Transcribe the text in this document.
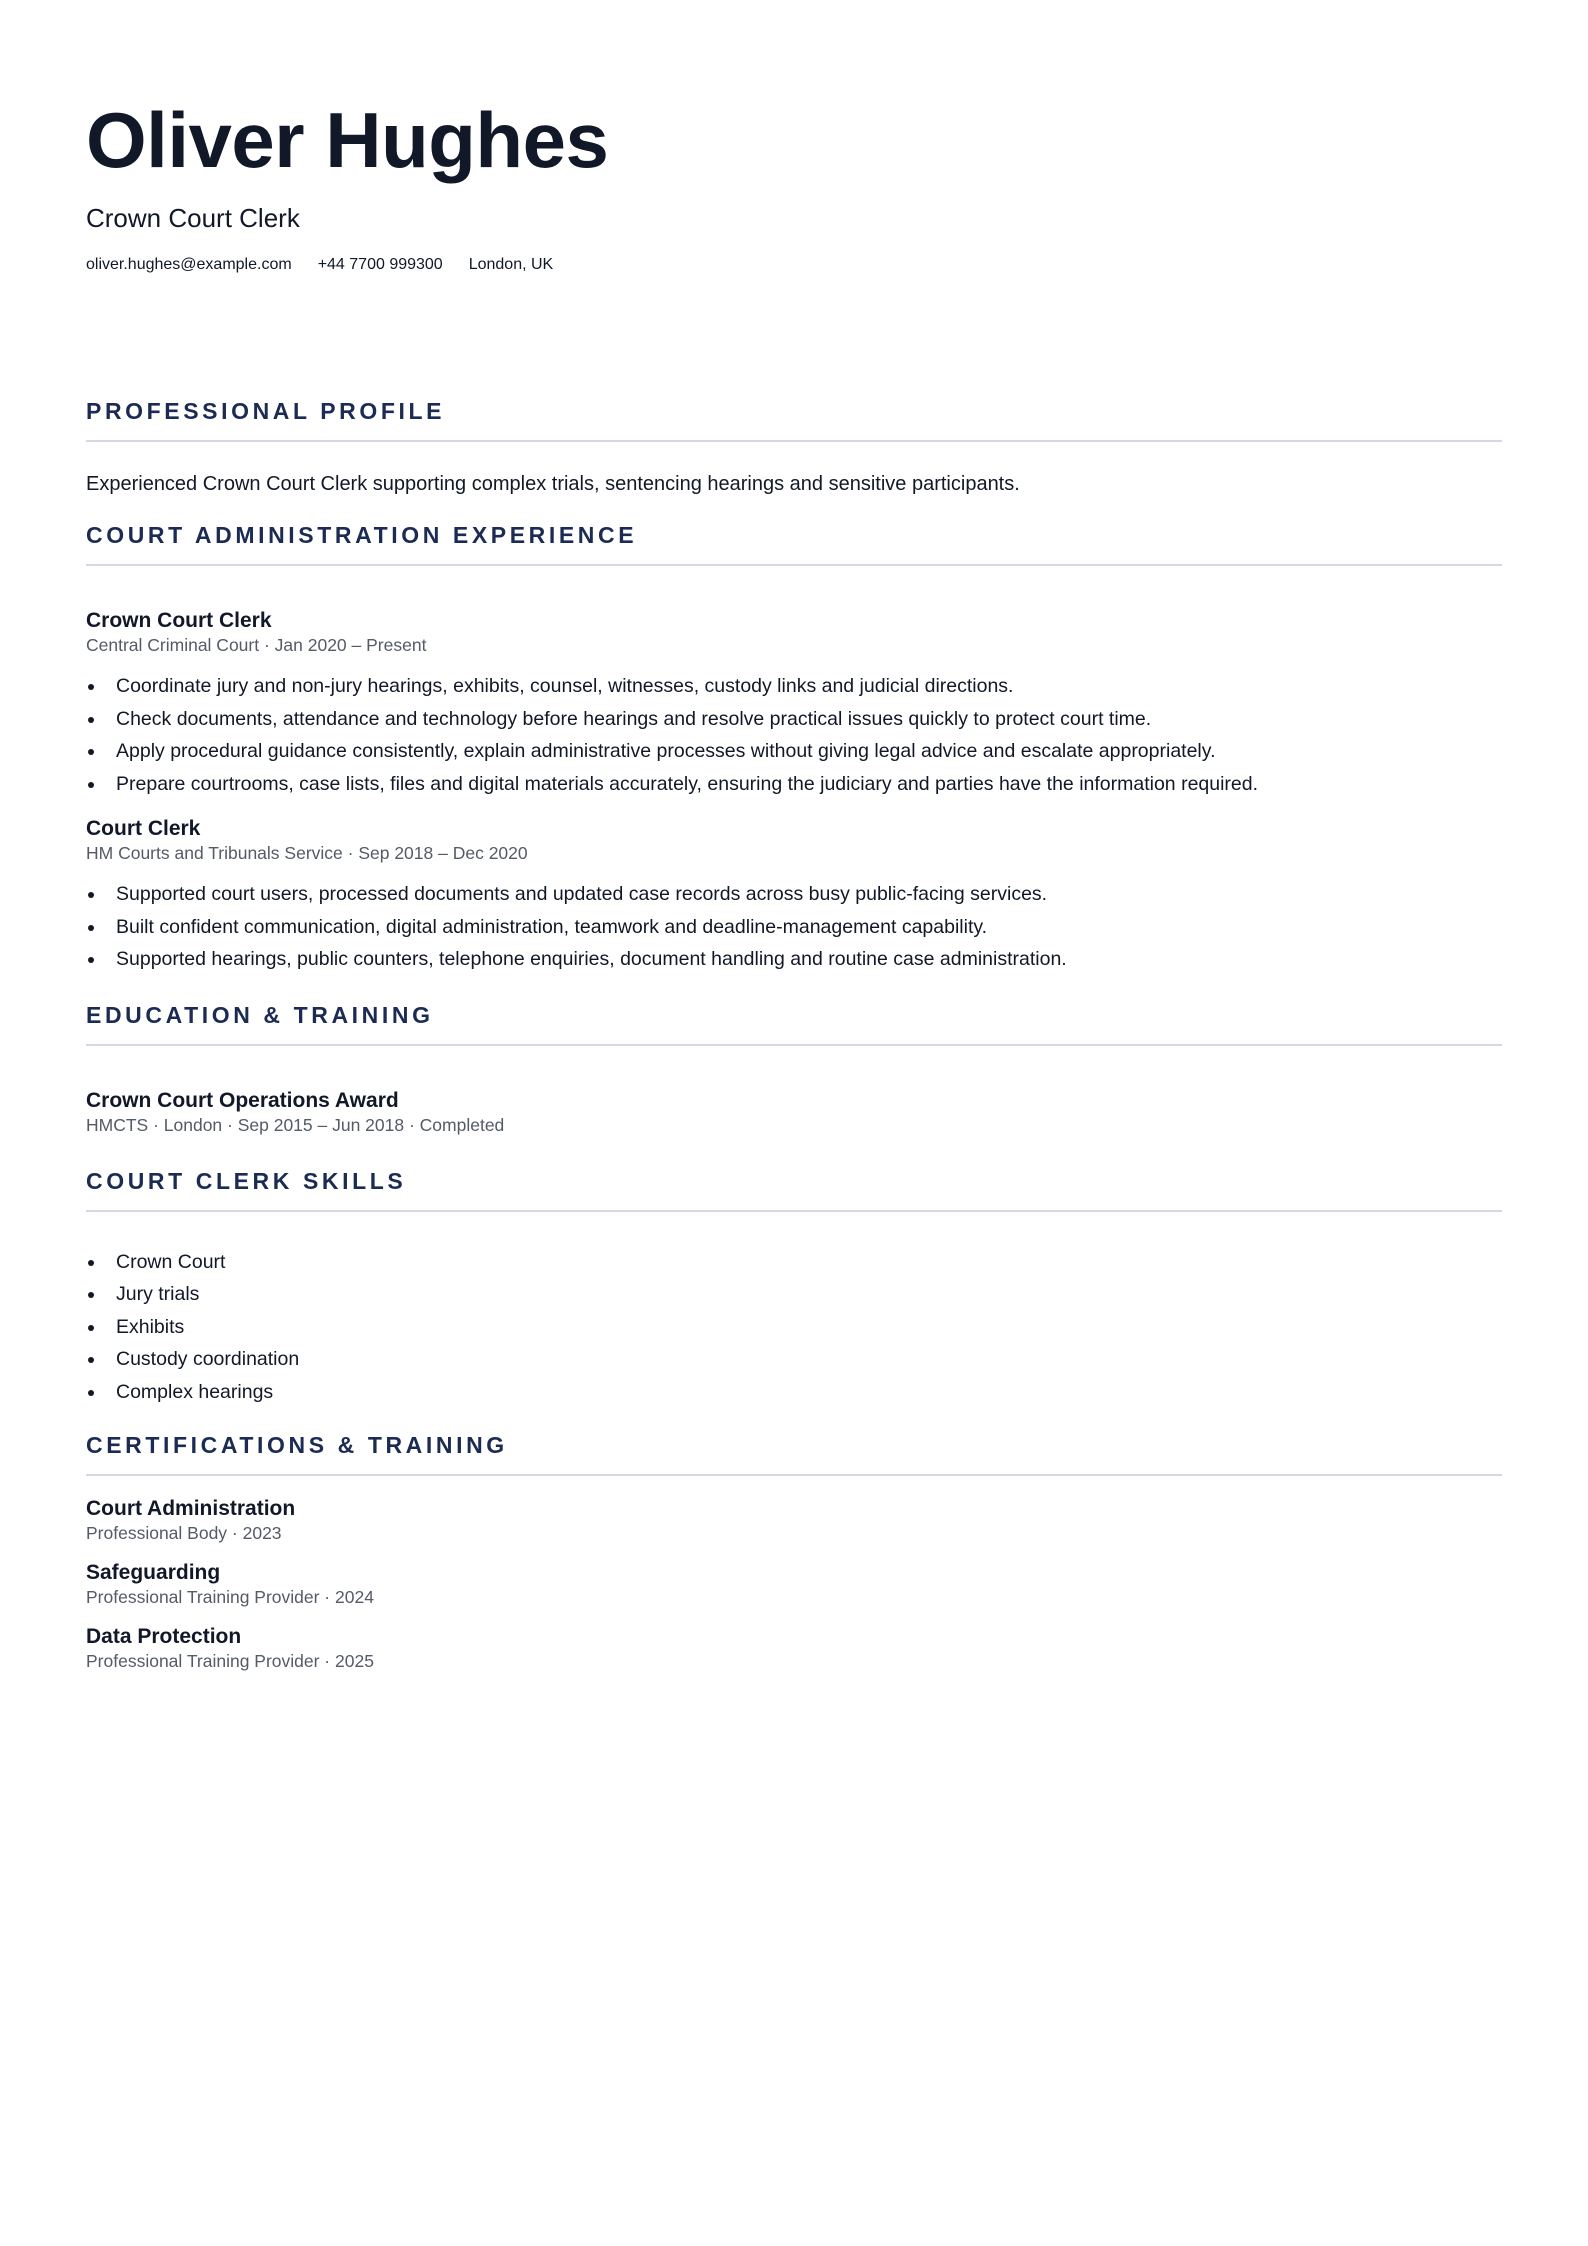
Oliver Hughes
Crown Court Clerk
oliver.hughes@example.com +44 7700 999300 London, UK
PROFESSIONAL PROFILE
Experienced Crown Court Clerk supporting complex trials, sentencing hearings and sensitive participants.
COURT ADMINISTRATION EXPERIENCE
Crown Court Clerk
Central Criminal Court · Jan 2020 – Present
Coordinate jury and non-jury hearings, exhibits, counsel, witnesses, custody links and judicial directions.
Check documents, attendance and technology before hearings and resolve practical issues quickly to protect court time.
Apply procedural guidance consistently, explain administrative processes without giving legal advice and escalate appropriately.
Prepare courtrooms, case lists, files and digital materials accurately, ensuring the judiciary and parties have the information required.
Court Clerk
HM Courts and Tribunals Service · Sep 2018 – Dec 2020
Supported court users, processed documents and updated case records across busy public-facing services.
Built confident communication, digital administration, teamwork and deadline-management capability.
Supported hearings, public counters, telephone enquiries, document handling and routine case administration.
EDUCATION & TRAINING
Crown Court Operations Award
HMCTS · London · Sep 2015 – Jun 2018 · Completed
COURT CLERK SKILLS
Crown Court
Jury trials
Exhibits
Custody coordination
Complex hearings
CERTIFICATIONS & TRAINING
Court Administration
Professional Body · 2023
Safeguarding
Professional Training Provider · 2024
Data Protection
Professional Training Provider · 2025
